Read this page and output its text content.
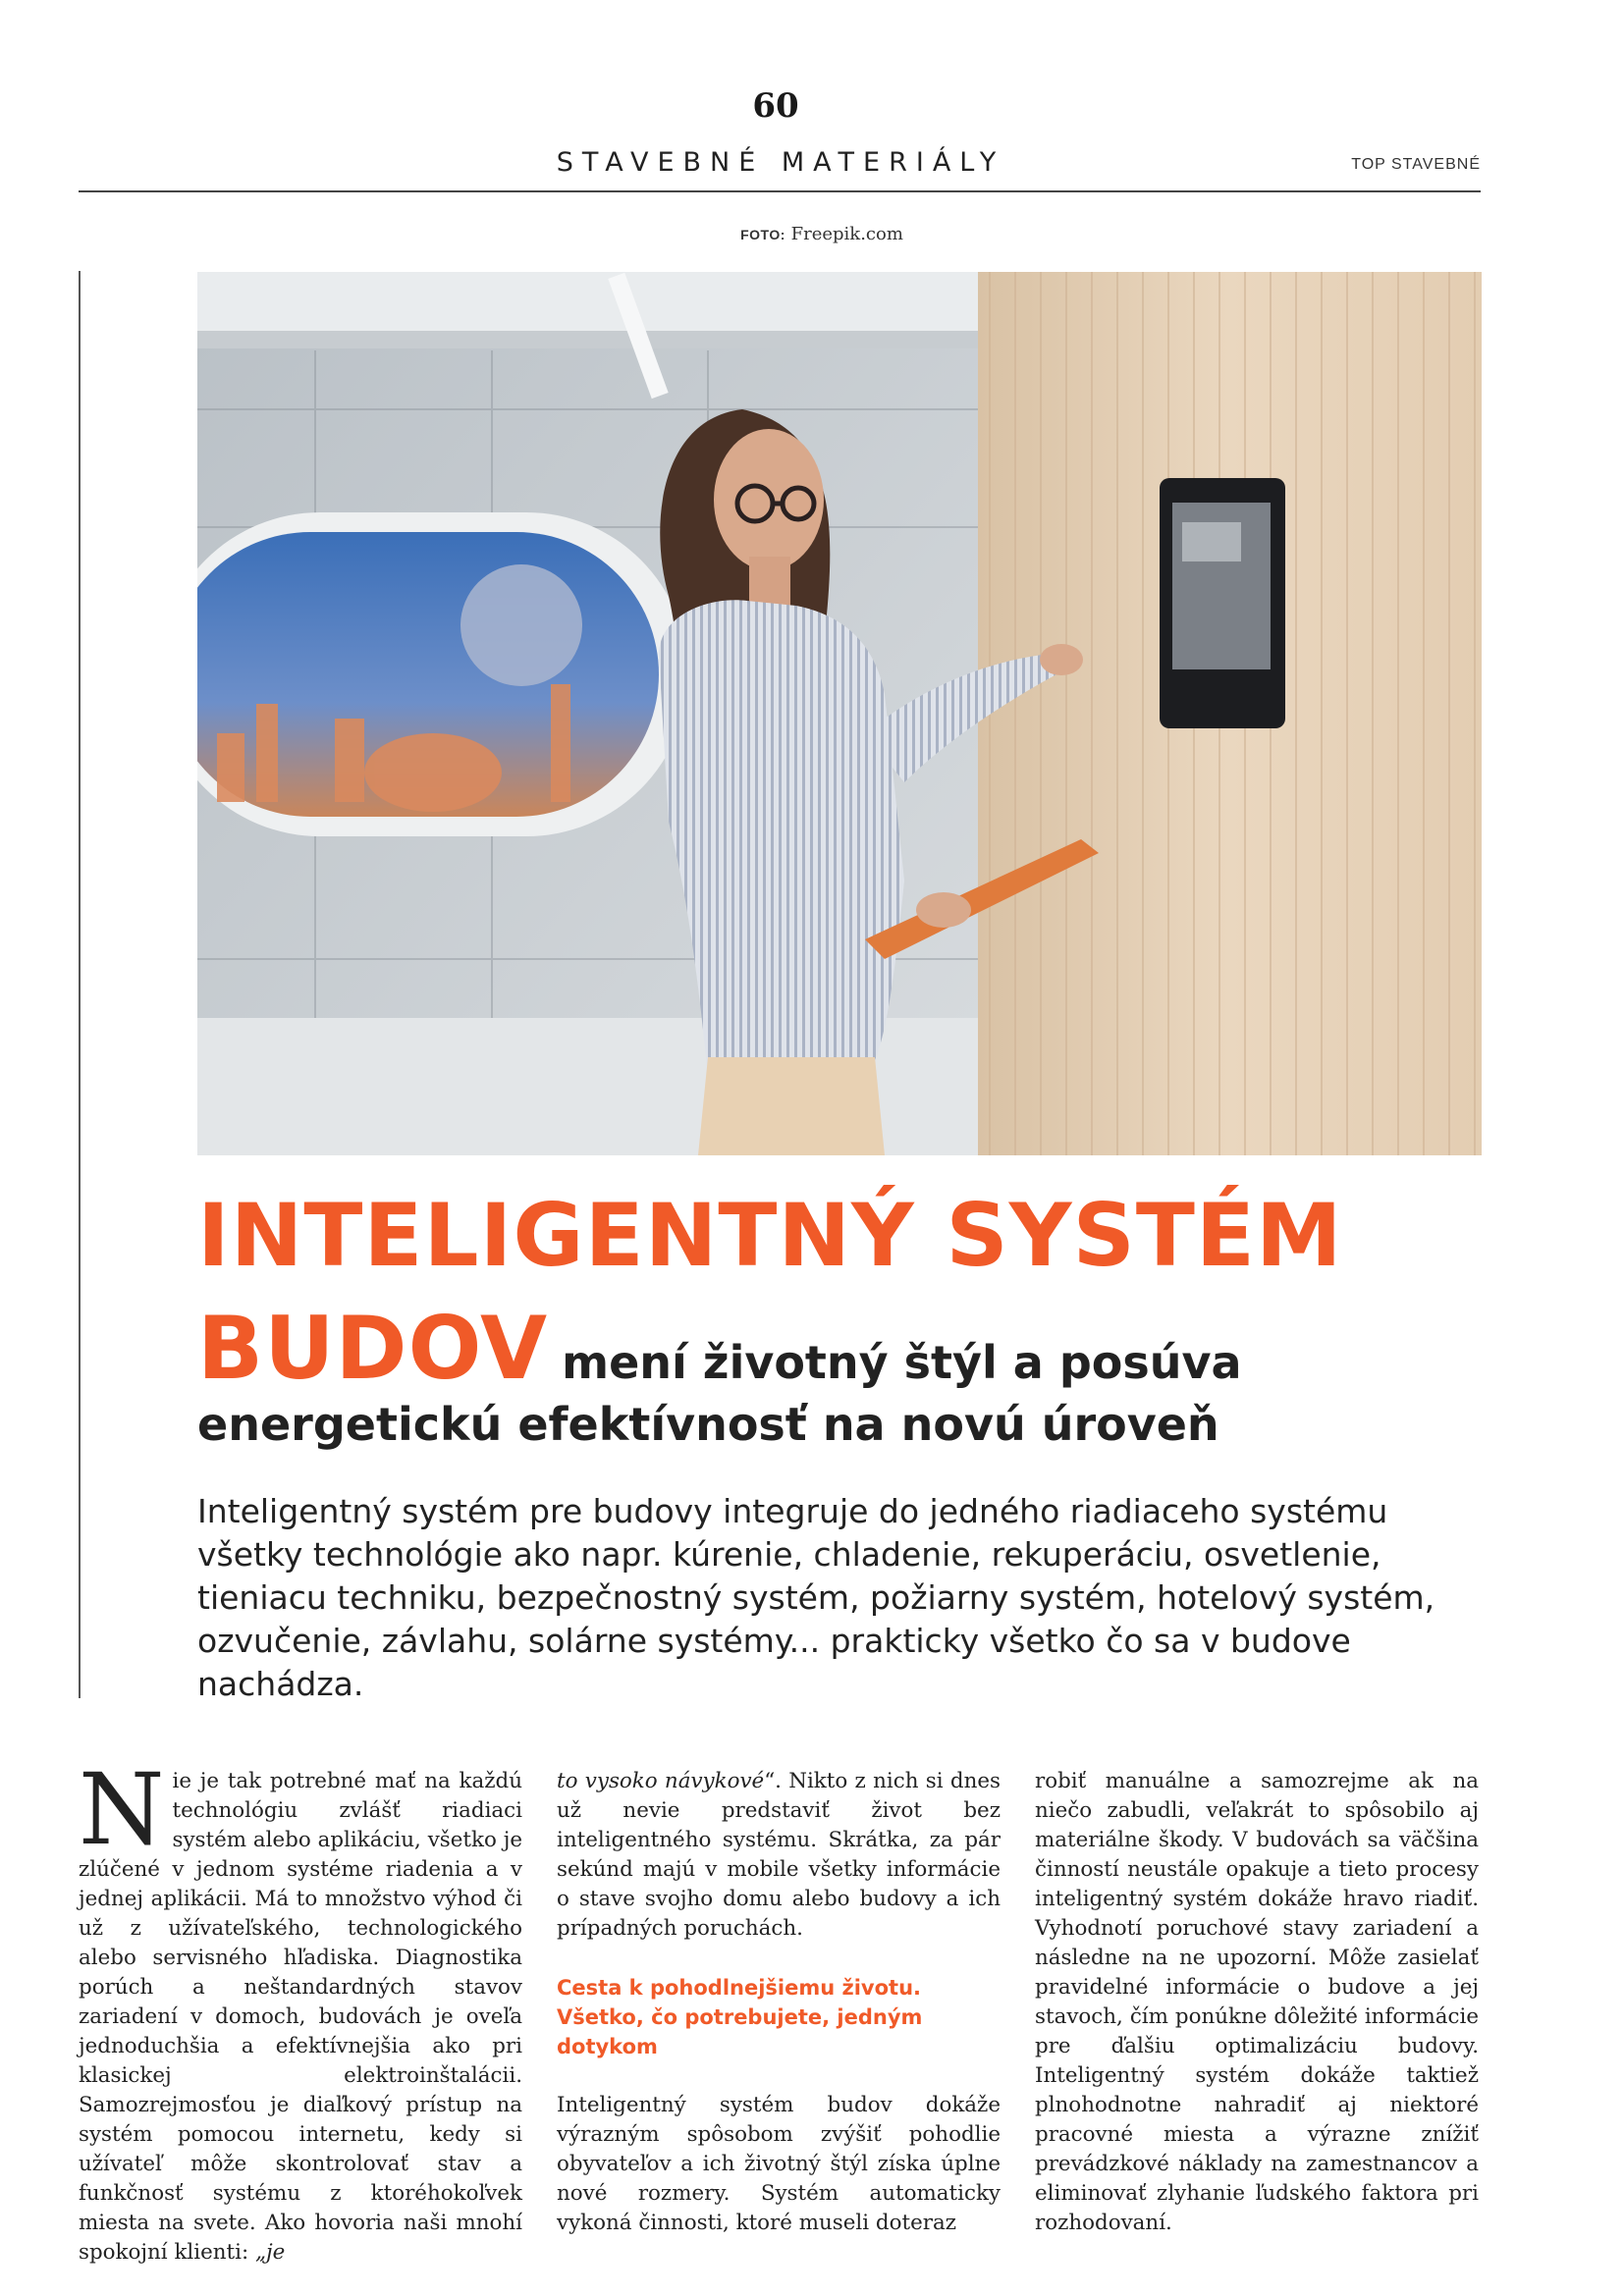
60
STAVEBNÉ MATERIÁLY	TOP STAVEBNÉ
FOTO: Freepik.com
INTELIGENTNÝ SYSTÉM
BUDOV mení životný štýl a posúva
energetickú efektívnosť na novú úroveň
Inteligentný systém pre budovy integruje do jedného riadiaceho systému všetky technológie ako napr. kúrenie, chladenie, rekuperáciu, osvetlenie, tieniacu techniku, bezpečnostný systém, požiarny systém, hotelový systém, ozvučenie, závlahu, solárne systémy... prakticky všetko čo sa v budove nachádza.

Nie je tak potrebné mať na každú technológiu zvlášť riadiaci systém alebo aplikáciu, všetko je zlúčené v jednom systéme riadenia a v jednej aplikácii. Má to množstvo výhod či už z užívateľského, technologického alebo servisného hľadiska. Diagnostika porúch a neštandardných stavov zariadení v domoch, budovách je oveľa jednoduchšia a efektívnejšia ako pri klasickej elektroinštalácii. Samozrejmosťou je diaľkový prístup na systém pomocou internetu, kedy si užívateľ môže skontrolovať stav a funkčnosť systému z ktoréhokoľvek miesta na svete. Ako hovoria naši mnohí spokojní klienti: „je

to vysoko návykové“. Nikto z nich si dnes už nevie predstaviť život bez inteligentného systému. Skrátka, za pár sekúnd majú v mobile všetky informácie o stave svojho domu alebo budovy a ich prípadných poruchách.

Cesta k pohodlnejšiemu životu. Všetko, čo potrebujete, jedným dotykom

Inteligentný systém budov dokáže výrazným spôsobom zvýšiť pohodlie obyvateľov a ich životný štýl získa úplne nové rozmery. Systém automaticky vykoná činnosti, ktoré museli doteraz

robiť manuálne a samozrejme ak na niečo zabudli, veľakrát to spôsobilo aj materiálne škody. V budovách sa väčšina činností neustále opakuje a tieto procesy inteligentný systém dokáže hravo riadiť. Vyhodnotí poruchové stavy zariadení a následne na ne upozorní. Môže zasielať pravidelné informácie o budove a jej stavoch, čím ponúkne dôležité informácie pre ďalšiu optimalizáciu budovy. Inteligentný systém dokáže taktiež plnohodnotne nahradiť aj niektoré pracovné miesta a výrazne znížiť prevádzkové náklady na zamestnancov a eliminovať zlyhanie ľudského faktora pri rozhodovaní.
